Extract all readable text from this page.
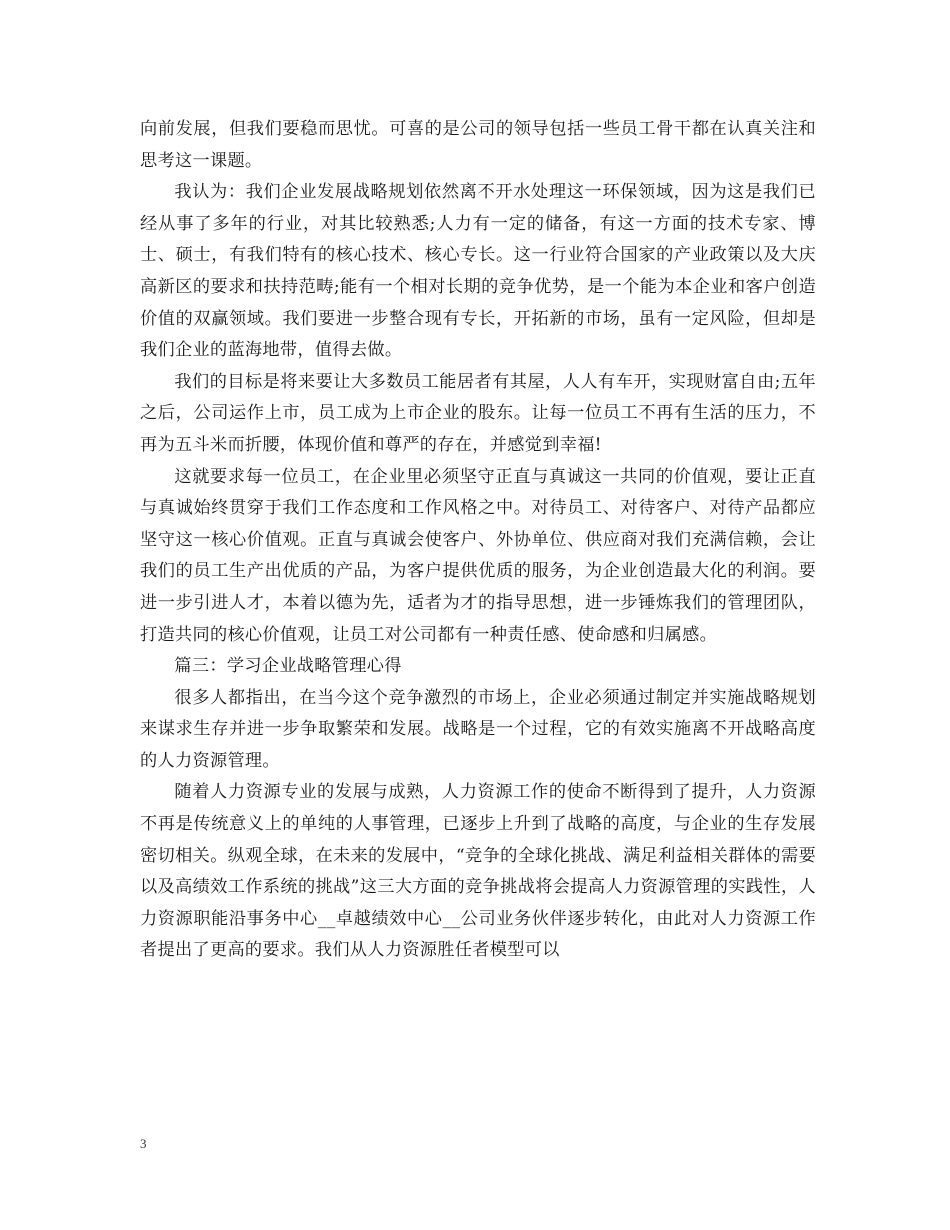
向前发展，但我们要稳而思忧。可喜的是公司的领导包括一些员工骨干都在认真关注和思考这一课题。

我认为：我们企业发展战略规划依然离不开水处理这一环保领域，因为这是我们已经从事了多年的行业，对其比较熟悉;人力有一定的储备，有这一方面的技术专家、博士、硕士，有我们特有的核心技术、核心专长。这一行业符合国家的产业政策以及大庆高新区的要求和扶持范畴;能有一个相对长期的竞争优势，是一个能为本企业和客户创造价值的双赢领域。我们要进一步整合现有专长，开拓新的市场，虽有一定风险，但却是我们企业的蓝海地带，值得去做。

我们的目标是将来要让大多数员工能居者有其屋，人人有车开，实现财富自由;五年之后，公司运作上市，员工成为上市企业的股东。让每一位员工不再有生活的压力，不再为五斗米而折腰，体现价值和尊严的存在，并感觉到幸福!

这就要求每一位员工，在企业里必须坚守正直与真诚这一共同的价值观，要让正直与真诚始终贯穿于我们工作态度和工作风格之中。对待员工、对待客户、对待产品都应坚守这一核心价值观。正直与真诚会使客户、外协单位、供应商对我们充满信赖，会让我们的员工生产出优质的产品，为客户提供优质的服务，为企业创造最大化的利润。要进一步引进人才，本着以德为先，适者为才的指导思想，进一步锤炼我们的管理团队，打造共同的核心价值观，让员工对公司都有一种责任感、使命感和归属感。

篇三：学习企业战略管理心得

很多人都指出，在当今这个竞争激烈的市场上，企业必须通过制定并实施战略规划来谋求生存并进一步争取繁荣和发展。战略是一个过程，它的有效实施离不开战略高度的人力资源管理。

随着人力资源专业的发展与成熟，人力资源工作的使命不断得到了提升，人力资源不再是传统意义上的单纯的人事管理，已逐步上升到了战略的高度，与企业的生存发展密切相关。纵观全球，在未来的发展中，“竞争的全球化挑战、满足利益相关群体的需要以及高绩效工作系统的挑战”这三大方面的竞争挑战将会提高人力资源管理的实践性，人力资源职能沿事务中心__卓越绩效中心__公司业务伙伴逐步转化，由此对人力资源工作者提出了更高的要求。我们从人力资源胜任者模型可以

3
